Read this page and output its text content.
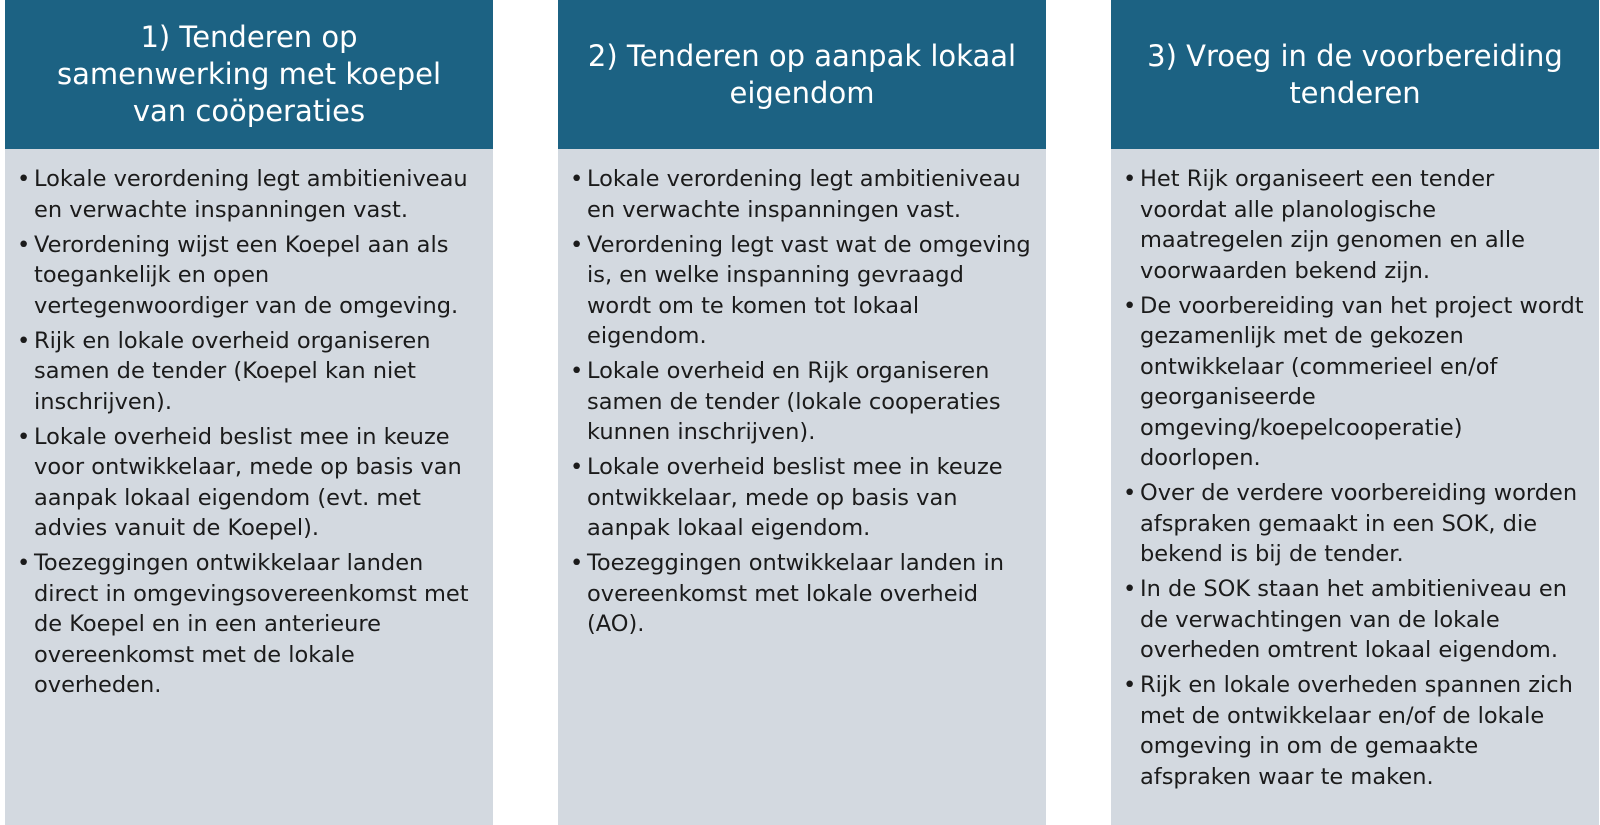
1) Tenderen op samenwerking met koepel van coöperaties
• Lokale verordening legt ambitieniveau en verwachte inspanningen vast.
• Verordening wijst een Koepel aan als toegankelijk en open vertegenwoordiger van de omgeving.
• Rijk en lokale overheid organiseren samen de tender (Koepel kan niet inschrijven).
• Lokale overheid beslist mee in keuze voor ontwikkelaar, mede op basis van aanpak lokaal eigendom (evt. met advies vanuit de Koepel).
• Toezeggingen ontwikkelaar landen direct in omgevingsovereenkomst met de Koepel en in een anterieure overeenkomst met de lokale overheden.
2) Tenderen op aanpak lokaal eigendom
• Lokale verordening legt ambitieniveau en verwachte inspanningen vast.
• Verordening legt vast wat de omgeving is, en welke inspanning gevraagd wordt om te komen tot lokaal eigendom.
• Lokale overheid en Rijk organiseren samen de tender (lokale cooperaties kunnen inschrijven).
• Lokale overheid beslist mee in keuze ontwikkelaar, mede op basis van aanpak lokaal eigendom.
• Toezeggingen ontwikkelaar landen in overeenkomst met lokale overheid (AO).
3) Vroeg in de voorbereiding tenderen
• Het Rijk organiseert een tender voordat alle planologische maatregelen zijn genomen en alle voorwaarden bekend zijn.
• De voorbereiding van het project wordt gezamenlijk met de gekozen ontwikkelaar (commerieel en/of georganiseerde omgeving/koepelcooperatie) doorlopen.
• Over de verdere voorbereiding worden afspraken gemaakt in een SOK, die bekend is bij de tender.
• In de SOK staan het ambitieniveau en de verwachtingen van de lokale overheden omtrent lokaal eigendom.
• Rijk en lokale overheden spannen zich met de ontwikkelaar en/of de lokale omgeving in om de gemaakte afspraken waar te maken.
